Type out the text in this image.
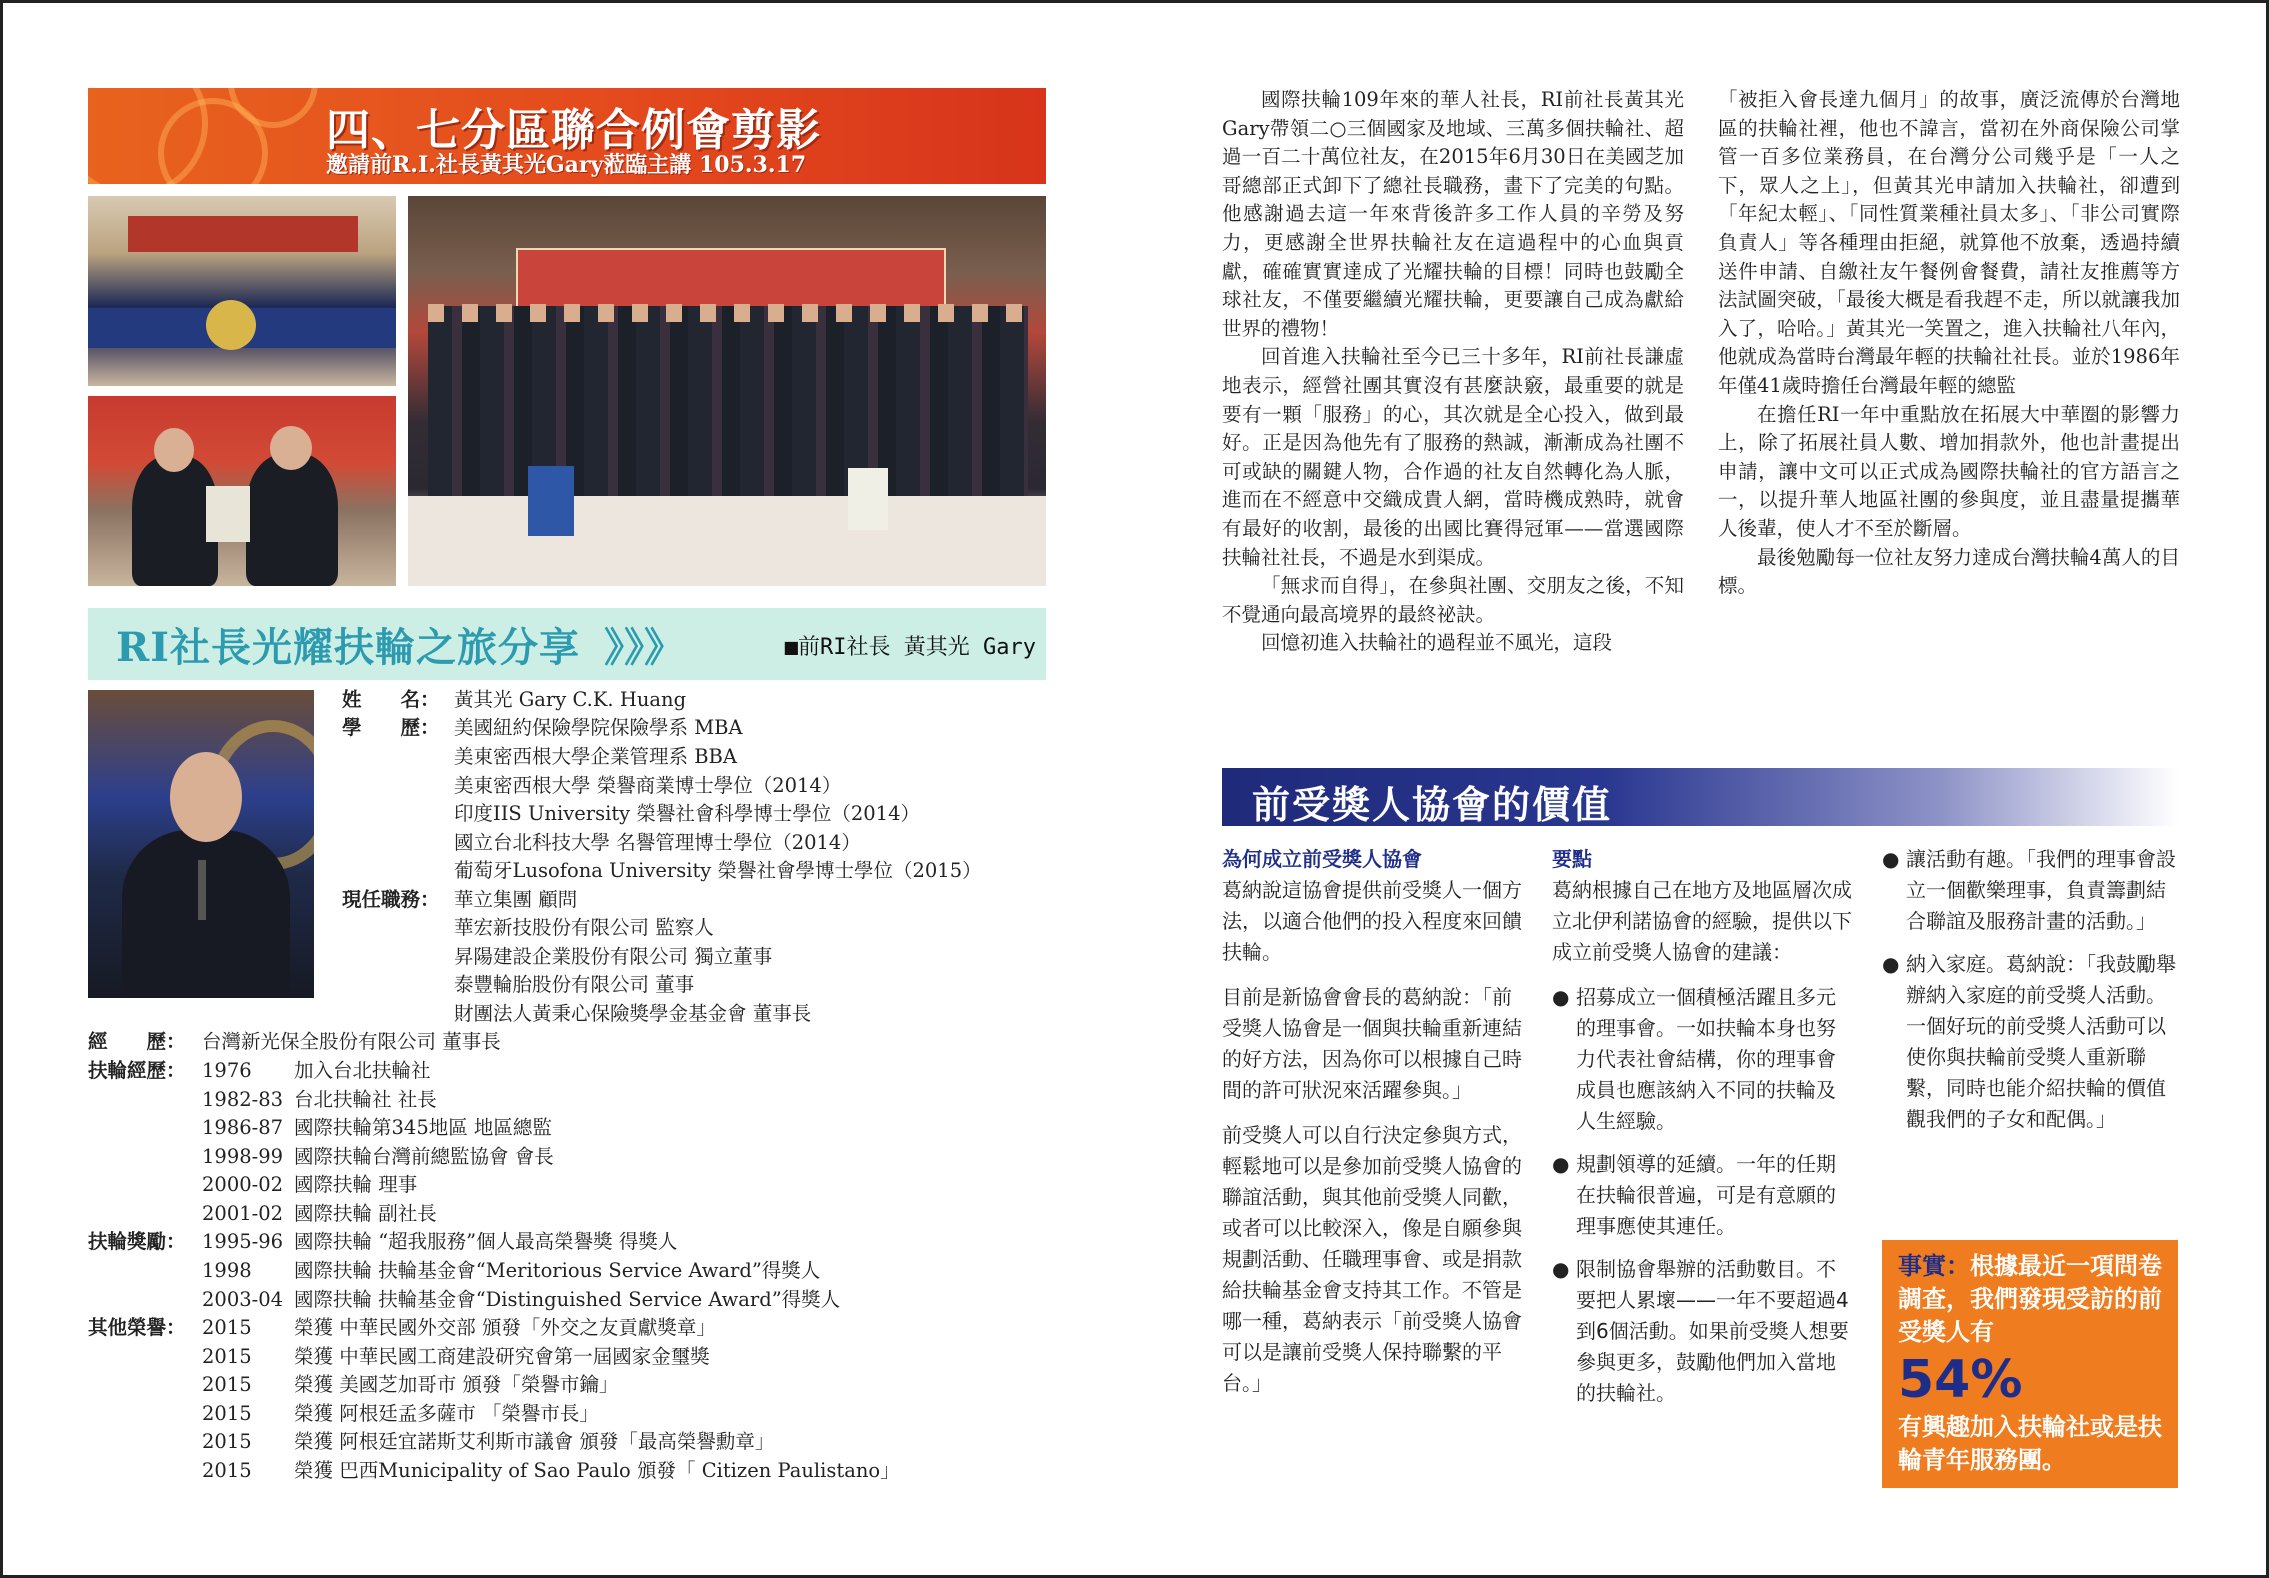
四、七分區聯合例會剪影

邀請前R.I.社長黃其光Gary蒞臨主講 105.3.17

RI社長光耀扶輪之旅分享 》》》	■前RI社長 黃其光 Gary
姓　　名： 黃其光 Gary C.K. Huang
學　　歷： 美國紐約保險學院保險學系 MBA
美東密西根大學企業管理系 BBA
美東密西根大學 榮譽商業博士學位（2014）
印度IIS University 榮譽社會科學博士學位（2014）
國立台北科技大學 名譽管理博士學位（2014）
葡萄牙Lusofona University 榮譽社會學博士學位（2015）
現任職務： 華立集團 顧問
華宏新技股份有限公司 監察人
昇陽建設企業股份有限公司 獨立董事
泰豐輪胎股份有限公司 董事
財團法人黃秉心保險獎學金基金會 董事長
經　　歷： 台灣新光保全股份有限公司 董事長
扶輪經歷： 1976 加入台北扶輪社
1982-83 台北扶輪社 社長
1986-87 國際扶輪第345地區 地區總監
1998-99 國際扶輪台灣前總監協會 會長
2000-02 國際扶輪 理事
2001-02 國際扶輪 副社長
扶輪獎勵： 1995-96 國際扶輪 “超我服務”個人最高榮譽獎 得獎人
1998 國際扶輪 扶輪基金會“Meritorious Service Award”得獎人
2003-04 國際扶輪 扶輪基金會“Distinguished Service Award”得獎人
其他榮譽： 2015 榮獲 中華民國外交部 頒發「外交之友貢獻獎章」
2015 榮獲 中華民國工商建設研究會第一屆國家金璽獎
2015 榮獲 美國芝加哥市 頒發「榮譽市鑰」
2015 榮獲 阿根廷孟多薩市 「榮譽市長」
2015 榮獲 阿根廷宜諾斯艾利斯市議會 頒發「最高榮譽勳章」
2015 榮獲 巴西Municipality of Sao Paulo 頒發「 Citizen Paulistano」

國際扶輪109年來的華人社長，RI前社長黃其光Gary帶領二○三個國家及地域、三萬多個扶輪社、超過一百二十萬位社友，在2015年6月30日在美國芝加哥總部正式卸下了總社長職務，畫下了完美的句點。他感謝過去這一年來背後許多工作人員的辛勞及努力，更感謝全世界扶輪社友在這過程中的心血與貢獻，確確實實達成了光耀扶輪的目標！同時也鼓勵全球社友，不僅要繼續光耀扶輪，更要讓自己成為獻給世界的禮物！

回首進入扶輪社至今已三十多年，RI前社長謙虛地表示，經營社團其實沒有甚麼訣竅，最重要的就是要有一顆「服務」的心，其次就是全心投入，做到最好。正是因為他先有了服務的熱誠，漸漸成為社團不可或缺的關鍵人物，合作過的社友自然轉化為人脈，進而在不經意中交織成貴人網，當時機成熟時，就會有最好的收割，最後的出國比賽得冠軍——當選國際扶輪社社長，不過是水到渠成。

「無求而自得」，在參與社團、交朋友之後，不知不覺通向最高境界的最終祕訣。

回憶初進入扶輪社的過程並不風光，這段

「被拒入會長達九個月」的故事，廣泛流傳於台灣地區的扶輪社裡，他也不諱言，當初在外商保險公司掌管一百多位業務員，在台灣分公司幾乎是「一人之下，眾人之上」，但黃其光申請加入扶輪社，卻遭到「年紀太輕」、「同性質業種社員太多」、「非公司實際負責人」等各種理由拒絕，就算他不放棄，透過持續送件申請、自繳社友午餐例會餐費，請社友推薦等方法試圖突破，「最後大概是看我趕不走，所以就讓我加入了，哈哈。」黃其光一笑置之，進入扶輪社八年內，他就成為當時台灣最年輕的扶輪社社長。並於1986年年僅41歲時擔任台灣最年輕的總監

在擔任RI一年中重點放在拓展大中華圈的影響力上，除了拓展社員人數、增加捐款外，他也計畫提出申請，讓中文可以正式成為國際扶輪社的官方語言之一，以提升華人地區社團的參與度，並且盡量提攜華人後輩，使人才不至於斷層。

最後勉勵每一位社友努力達成台灣扶輪4萬人的目標。

前受獎人協會的價值
為何成立前受獎人協會

葛納說這協會提供前受獎人一個方法，以適合他們的投入程度來回饋扶輪。

目前是新協會會長的葛納說：「前受獎人協會是一個與扶輪重新連結的好方法，因為你可以根據自己時間的許可狀況來活躍參與。」

前受獎人可以自行決定參與方式，輕鬆地可以是參加前受獎人協會的聯誼活動，與其他前受獎人同歡，或者可以比較深入，像是自願參與規劃活動、任職理事會、或是捐款給扶輪基金會支持其工作。不管是哪一種，葛納表示「前受獎人協會可以是讓前受獎人保持聯繫的平台。」

要點

葛納根據自己在地方及地區層次成立北伊利諾協會的經驗，提供以下成立前受獎人協會的建議：

● 招募成立一個積極活躍且多元的理事會。一如扶輪本身也努力代表社會結構，你的理事會成員也應該納入不同的扶輪及人生經驗。
● 規劃領導的延續。一年的任期在扶輪很普遍，可是有意願的理事應使其連任。
● 限制協會舉辦的活動數目。不要把人累壞——一年不要超過4到6個活動。如果前受獎人想要參與更多，鼓勵他們加入當地的扶輪社。
● 讓活動有趣。「我們的理事會設立一個歡樂理事，負責籌劃結合聯誼及服務計畫的活動。」
● 納入家庭。葛納說：「我鼓勵舉辦納入家庭的前受獎人活動。一個好玩的前受獎人活動可以使你與扶輪前受獎人重新聯繫，同時也能介紹扶輪的價值觀我們的子女和配偶。」
事實：根據最近一項問卷調查，我們發現受訪的前受獎人有
54%
有興趣加入扶輪社或是扶輪青年服務團。
